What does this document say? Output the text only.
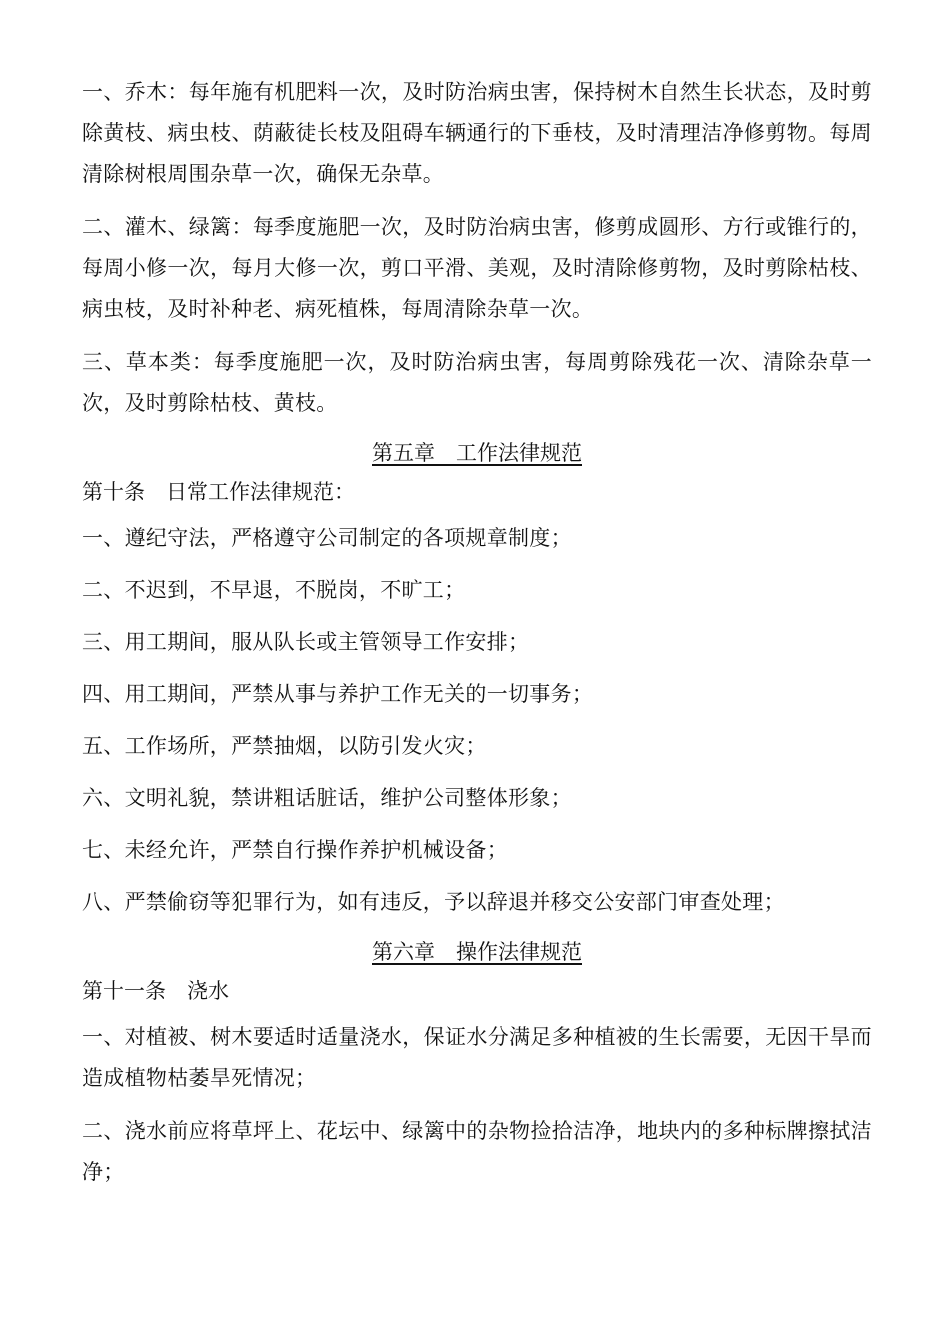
一、乔木：每年施有机肥料一次，及时防治病虫害，保持树木自然生长状态，及时剪除黄枝、病虫枝、荫蔽徒长枝及阻碍车辆通行的下垂枝，及时清理洁净修剪物。每周清除树根周围杂草一次，确保无杂草。

二、灌木、绿篱：每季度施肥一次，及时防治病虫害，修剪成圆形、方行或锥行的，每周小修一次，每月大修一次，剪口平滑、美观，及时清除修剪物，及时剪除枯枝、病虫枝，及时补种老、病死植株，每周清除杂草一次。

三、草本类：每季度施肥一次，及时防治病虫害，每周剪除残花一次、清除杂草一次，及时剪除枯枝、黄枝。

第五章　工作法律规范
第十条　日常工作法律规范：
一、遵纪守法，严格遵守公司制定的各项规章制度；
二、不迟到，不早退，不脱岗，不旷工；
三、用工期间，服从队长或主管领导工作安排；
四、用工期间，严禁从事与养护工作无关的一切事务；
五、工作场所，严禁抽烟，以防引发火灾；
六、文明礼貌，禁讲粗话脏话，维护公司整体形象；
七、未经允许，严禁自行操作养护机械设备；
八、严禁偷窃等犯罪行为，如有违反，予以辞退并移交公安部门审查处理；
第六章　操作法律规范
第十一条　浇水

一、对植被、树木要适时适量浇水，保证水分满足多种植被的生长需要，无因干旱而造成植物枯萎旱死情况；

二、浇水前应将草坪上、花坛中、绿篱中的杂物捡拾洁净，地块内的多种标牌擦拭洁净；
